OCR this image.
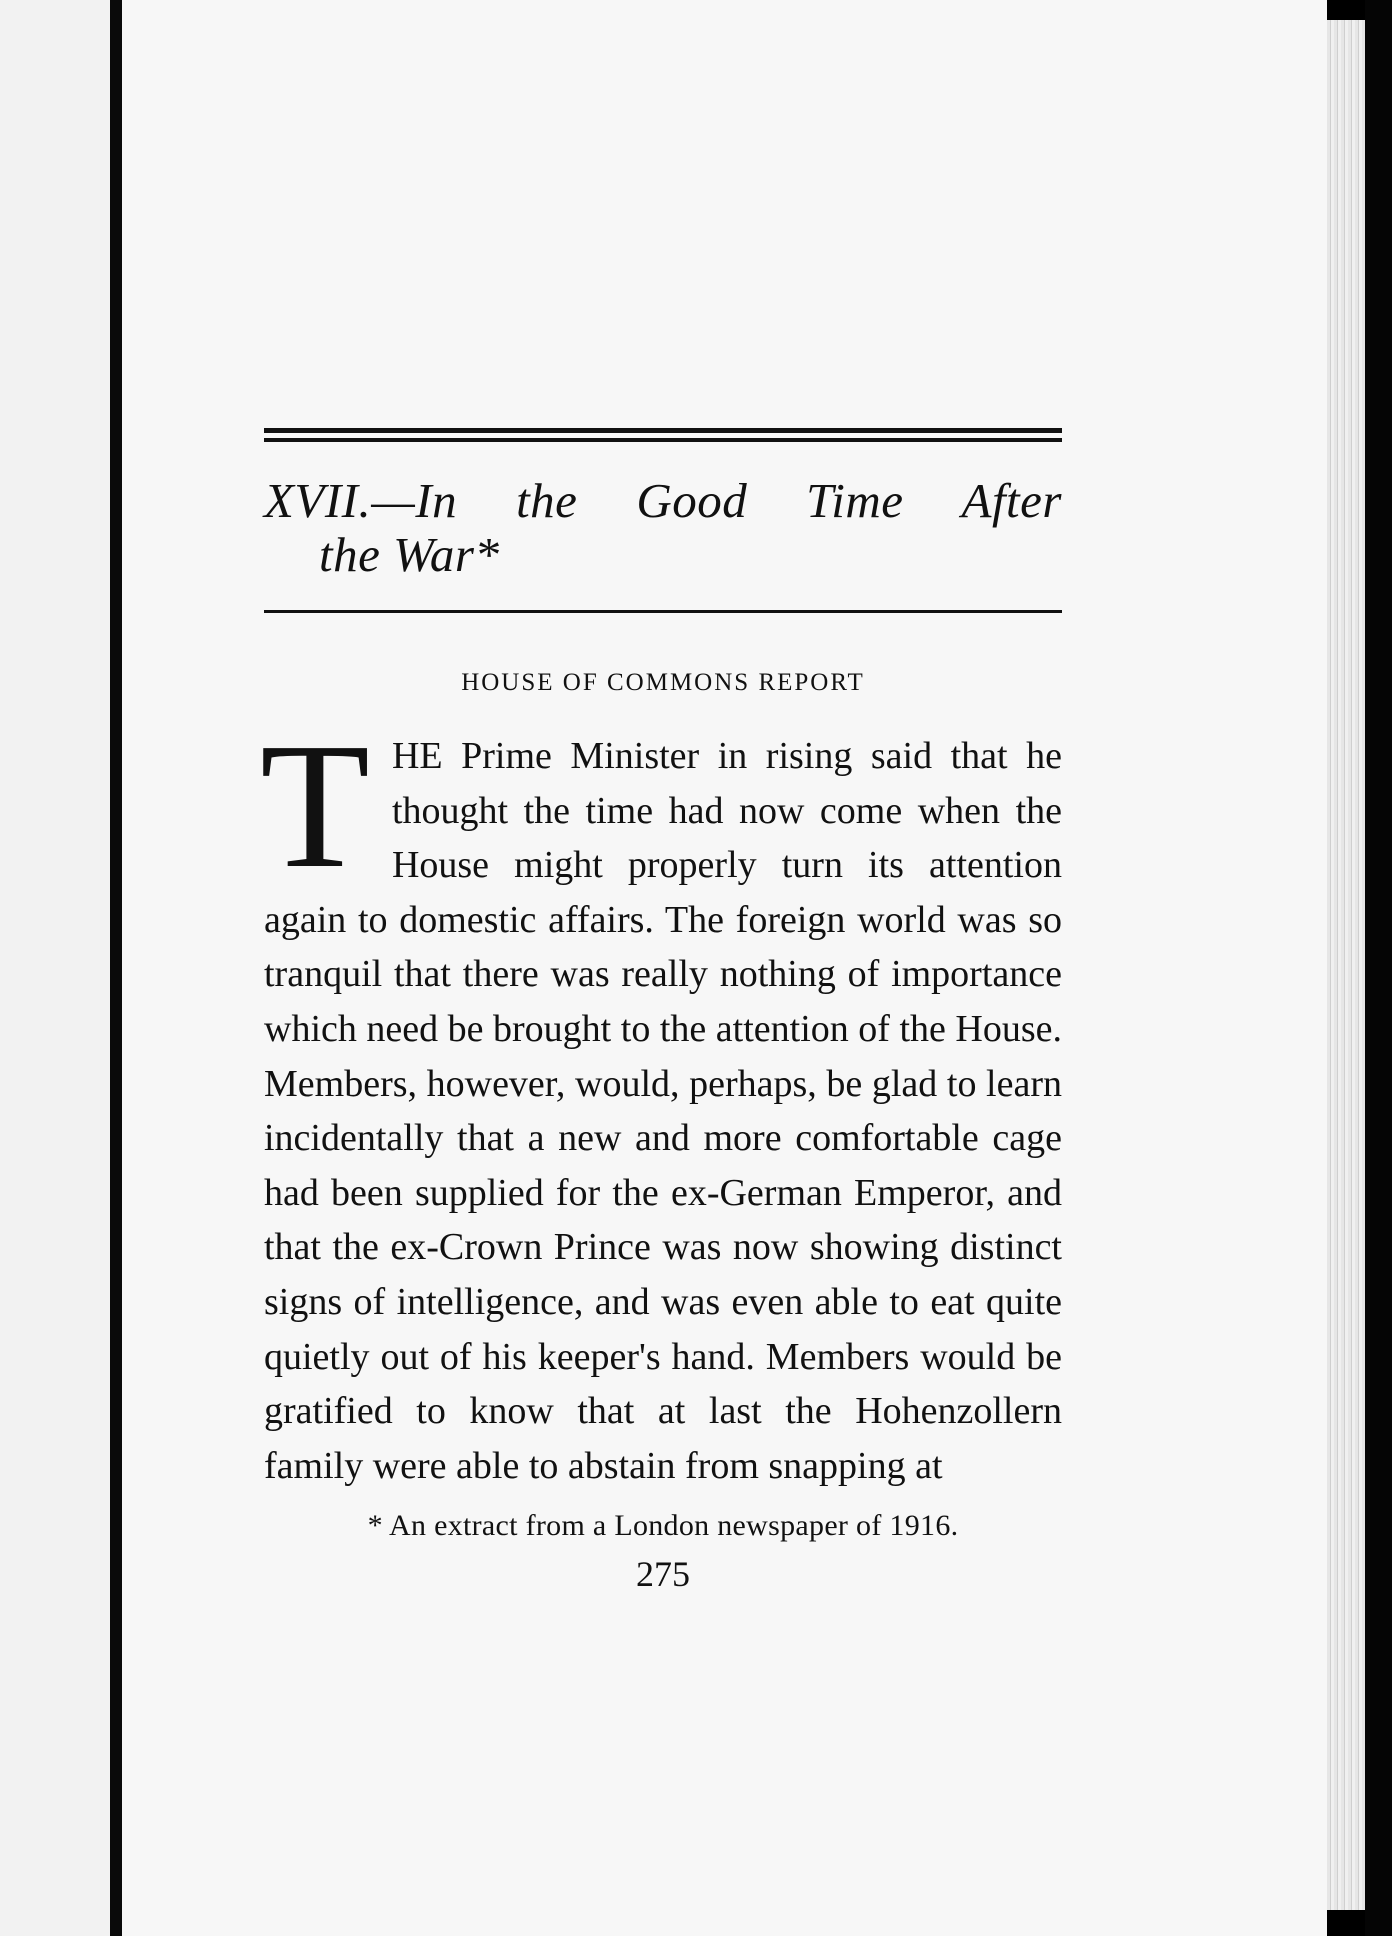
XVII.—In the Good Time After
the War*
HOUSE OF COMMONS REPORT
T HE Prime Minister in rising said that he thought the time had now come when the House might properly turn its attention again to domestic affairs. The foreign world was so tranquil that there was really nothing of importance which need be brought to the attention of the House. Members, however, would, perhaps, be glad to learn incidentally that a new and more comfortable cage had been supplied for the ex-German Emperor, and that the ex-Crown Prince was now showing distinct signs of intelligence, and was even able to eat quite quietly out of his keeper's hand. Members would be gratified to know that at last the Hohenzollern family were able to abstain from snapping at
* An extract from a London newspaper of 1916.
275
